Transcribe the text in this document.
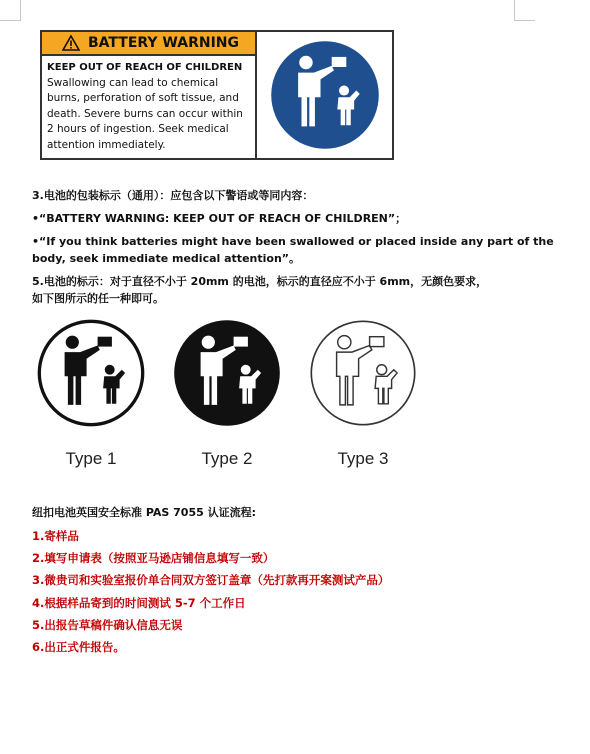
BATTERY WARNING
KEEP OUT OF REACH OF CHILDREN
Swallowing can lead to chemical
burns, perforation of soft tissue, and
death. Severe burns can occur within
2 hours of ingestion. Seek medical
attention immediately.
3.电池的包装标示（通用）：应包含以下警语或等同内容：
•“BATTERY WARNING: KEEP OUT OF REACH OF CHILDREN”；
•“If you think batteries might have been swallowed or placed inside any part of the
body, seek immediate medical attention”。
5.电池的标示：对于直径不小于 20mm 的电池，标示的直径应不小于 6mm，无颜色要求，
如下图所示的任一种即可。
Type 1	Type 2	Type 3
纽扣电池英国安全标准 PAS 7055 认证流程:
1.寄样品
2.填写申请表（按照亚马逊店铺信息填写一致）
3.微贵司和实验室报价单合同双方签订盖章（先打款再开案测试产品）
4.根据样品寄到的时间测试 5-7 个工作日
5.出报告草稿件确认信息无误
6.出正式件报告。
